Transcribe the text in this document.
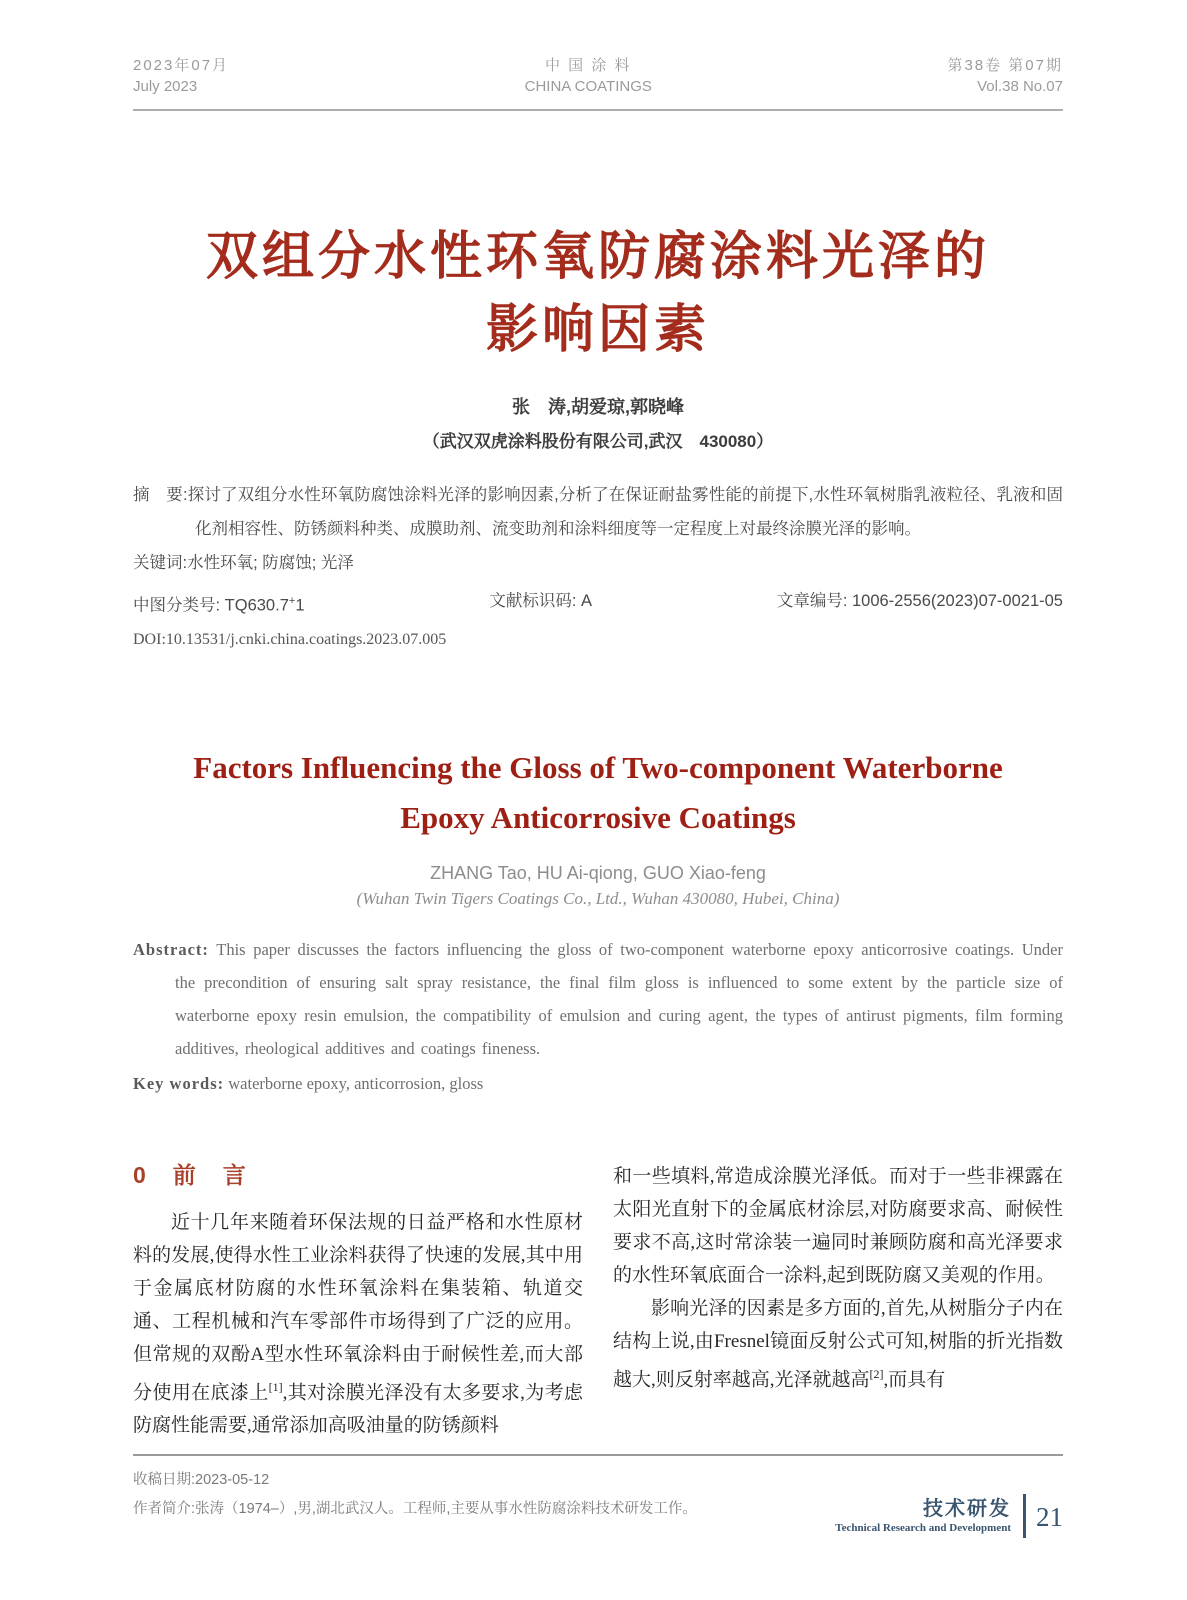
2023年07月
July 2023
中 国 涂 料
CHINA COATINGS
第38卷 第07期
Vol.38 No.07
双组分水性环氧防腐涂料光泽的
影响因素
张　涛,胡爱琼,郭晓峰
（武汉双虎涂料股份有限公司,武汉　430080）
摘　要:探讨了双组分水性环氧防腐蚀涂料光泽的影响因素,分析了在保证耐盐雾性能的前提下,水性环氧树脂乳液粒径、乳液和固化剂相容性、防锈颜料种类、成膜助剂、流变助剂和涂料细度等一定程度上对最终涂膜光泽的影响。
关键词:水性环氧; 防腐蚀; 光泽
中图分类号: TQ630.7+1	文献标识码: A	文章编号: 1006-2556(2023)07-0021-05
DOI:10.13531/j.cnki.china.coatings.2023.07.005
Factors Influencing the Gloss of Two-component Waterborne
Epoxy Anticorrosive Coatings
ZHANG Tao, HU Ai-qiong, GUO Xiao-feng
(Wuhan Twin Tigers Coatings Co., Ltd., Wuhan 430080, Hubei, China)
Abstract: This paper discusses the factors influencing the gloss of two-component waterborne epoxy anticorrosive coatings. Under the precondition of ensuring salt spray resistance, the final film gloss is influenced to some extent by the particle size of waterborne epoxy resin emulsion, the compatibility of emulsion and curing agent, the types of antirust pigments, film forming additives, rheological additives and coatings fineness.
Key words: waterborne epoxy, anticorrosion, gloss
0　前　言

近十几年来随着环保法规的日益严格和水性原材料的发展,使得水性工业涂料获得了快速的发展,其中用于金属底材防腐的水性环氧涂料在集装箱、轨道交通、工程机械和汽车零部件市场得到了广泛的应用。但常规的双酚A型水性环氧涂料由于耐候性差,而大部分使用在底漆上[1],其对涂膜光泽没有太多要求,为考虑防腐性能需要,通常添加高吸油量的防锈颜料

和一些填料,常造成涂膜光泽低。而对于一些非裸露在太阳光直射下的金属底材涂层,对防腐要求高、耐候性要求不高,这时常涂装一遍同时兼顾防腐和高光泽要求的水性环氧底面合一涂料,起到既防腐又美观的作用。

影响光泽的因素是多方面的,首先,从树脂分子内在结构上说,由Fresnel镜面反射公式可知,树脂的折光指数越大,则反射率越高,光泽就越高[2],而具有

收稿日期:2023-05-12
作者简介:张涛（1974–）,男,湖北武汉人。工程师,主要从事水性防腐涂料技术研发工作。	技术研发
Technical Research and Development 21
